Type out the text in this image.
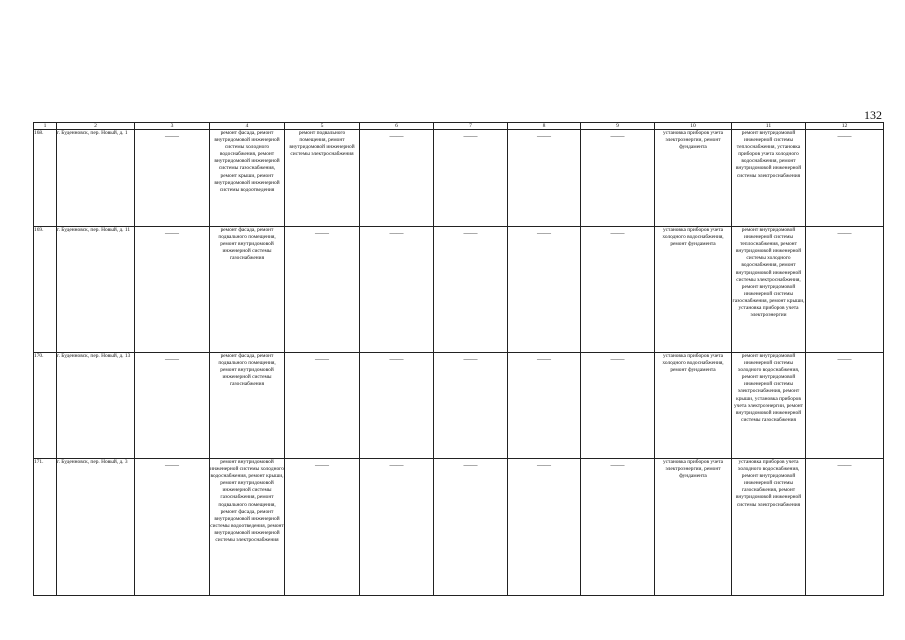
132
1	2	3	4	5	6	7	8	9	10	11	12
168.	г. Буденновск, пер. Новый, д. 1	——	ремонт фасада, ремонт внутридомовой инженерной системы холодного водоснабжения, ремонт внутридомовой инженерной системы газоснабжения, ремонт крыши, ремонт внутридомовой инженерной системы водоотведения	ремонт подвального помещения, ремонт внутридомовой инженерной системы электроснабжения	——	——	——	——	установка приборов учета электроэнергии, ремонт фундамента	ремонт внутридомовой инженерной системы теплоснабжения, установка приборов учета холодного водоснабжения, ремонт внутридомовой инженерной системы электроснабжения	——
169.	г. Буденновск, пер. Новый, д. 11	——	ремонт фасада, ремонт подвального помещения, ремонт внутридомовой инженерной системы газоснабжения	——	——	——	——	——	установка приборов учета холодного водоснабжения, ремонт фундамента	ремонт внутридомовой инженерной системы теплоснабжения, ремонт внутридомовой инженерной системы холодного водоснабжения, ремонт внутридомовой инженерной системы электроснабжения, ремонт внутридомовой инженерной системы газоснабжения, ремонт крыши, установка приборов учета электроэнергии	——
170.	г. Буденновск, пер. Новый, д. 13	——	ремонт фасада, ремонт подвального помещения, ремонт внутридомовой инженерной системы газоснабжения	——	——	——	——	——	установка приборов учета холодного водоснабжения, ремонт фундамента	ремонт внутридомовой инженерной системы холодного водоснабжения, ремонт внутридомовой инженерной системы электроснабжения, ремонт крыши, установка приборов учета электроэнергии, ремонт внутридомовой инженерной системы газоснабжения	——
171.	г. Буденновск, пер. Новый, д. 3	——	ремонт внутридомовой инженерной системы холодного водоснабжения, ремонт крыши, ремонт внутридомовой инженерной системы газоснабжения, ремонт подвального помещения, ремонт фасада, ремонт внутридомовой инженерной системы водоотведения, ремонт внутридомовой инженерной системы электроснабжения	——	——	——	——	——	установка приборов учета электроэнергии, ремонт фундамента	установка приборов учета холодного водоснабжения, ремонт внутридомовой инженерной системы газоснабжения, ремонт внутридомовой инженерной системы электроснабжения	——
